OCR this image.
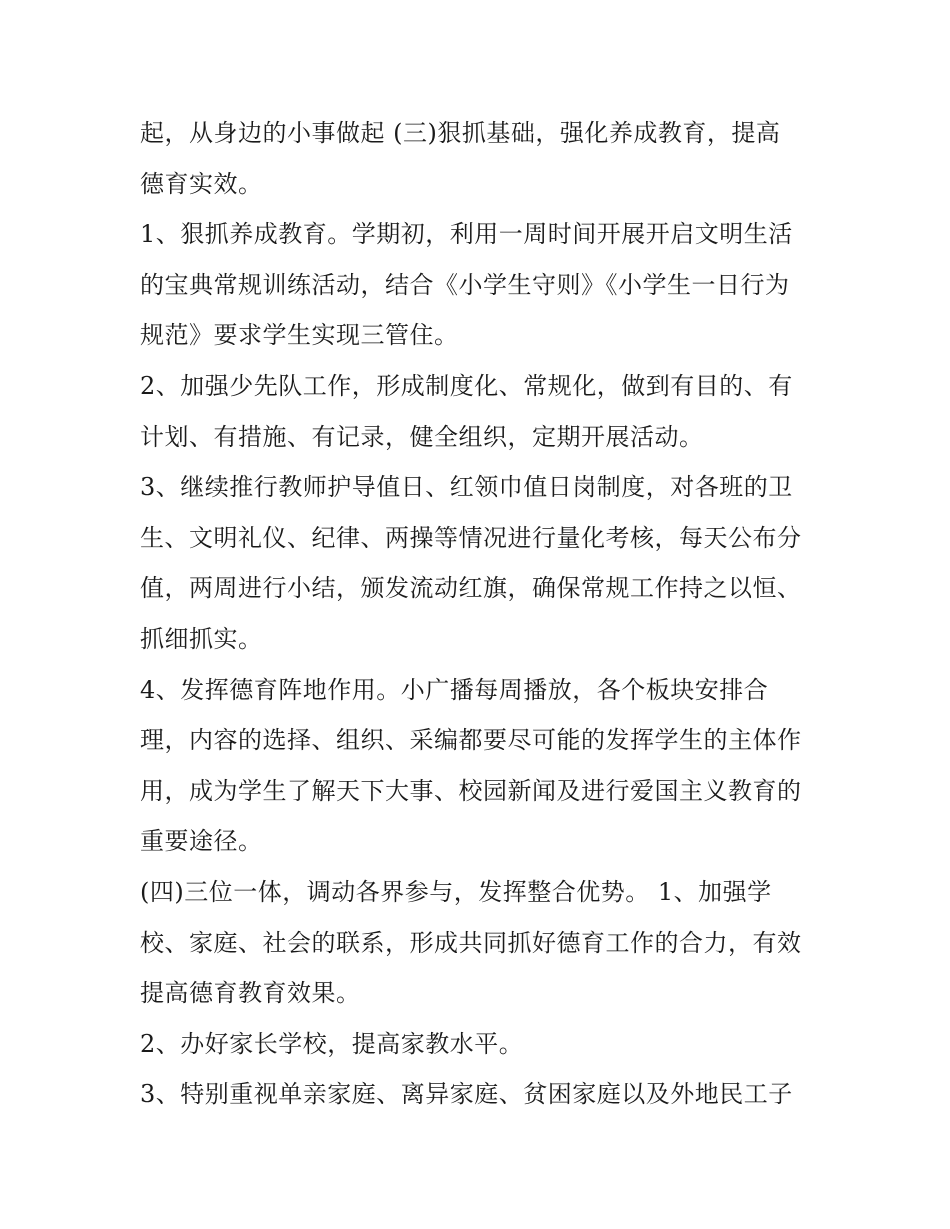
起，从身边的小事做起 (三)狠抓基础，强化养成教育，提高
德育实效。
1、狠抓养成教育。学期初，利用一周时间开展开启文明生活
的宝典常规训练活动，结合《小学生守则》《小学生一日行为
规范》要求学生实现三管住。
2、加强少先队工作，形成制度化、常规化，做到有目的、有
计划、有措施、有记录，健全组织，定期开展活动。
3、继续推行教师护导值日、红领巾值日岗制度，对各班的卫
生、文明礼仪、纪律、两操等情况进行量化考核，每天公布分
值，两周进行小结，颁发流动红旗，确保常规工作持之以恒、
抓细抓实。
4、发挥德育阵地作用。小广播每周播放，各个板块安排合
理，内容的选择、组织、采编都要尽可能的发挥学生的主体作
用，成为学生了解天下大事、校园新闻及进行爱国主义教育的
重要途径。
(四)三位一体，调动各界参与，发挥整合优势。 1、加强学
校、家庭、社会的联系，形成共同抓好德育工作的合力，有效
提高德育教育效果。
2、办好家长学校，提高家教水平。
3、特别重视单亲家庭、离异家庭、贫困家庭以及外地民工子
